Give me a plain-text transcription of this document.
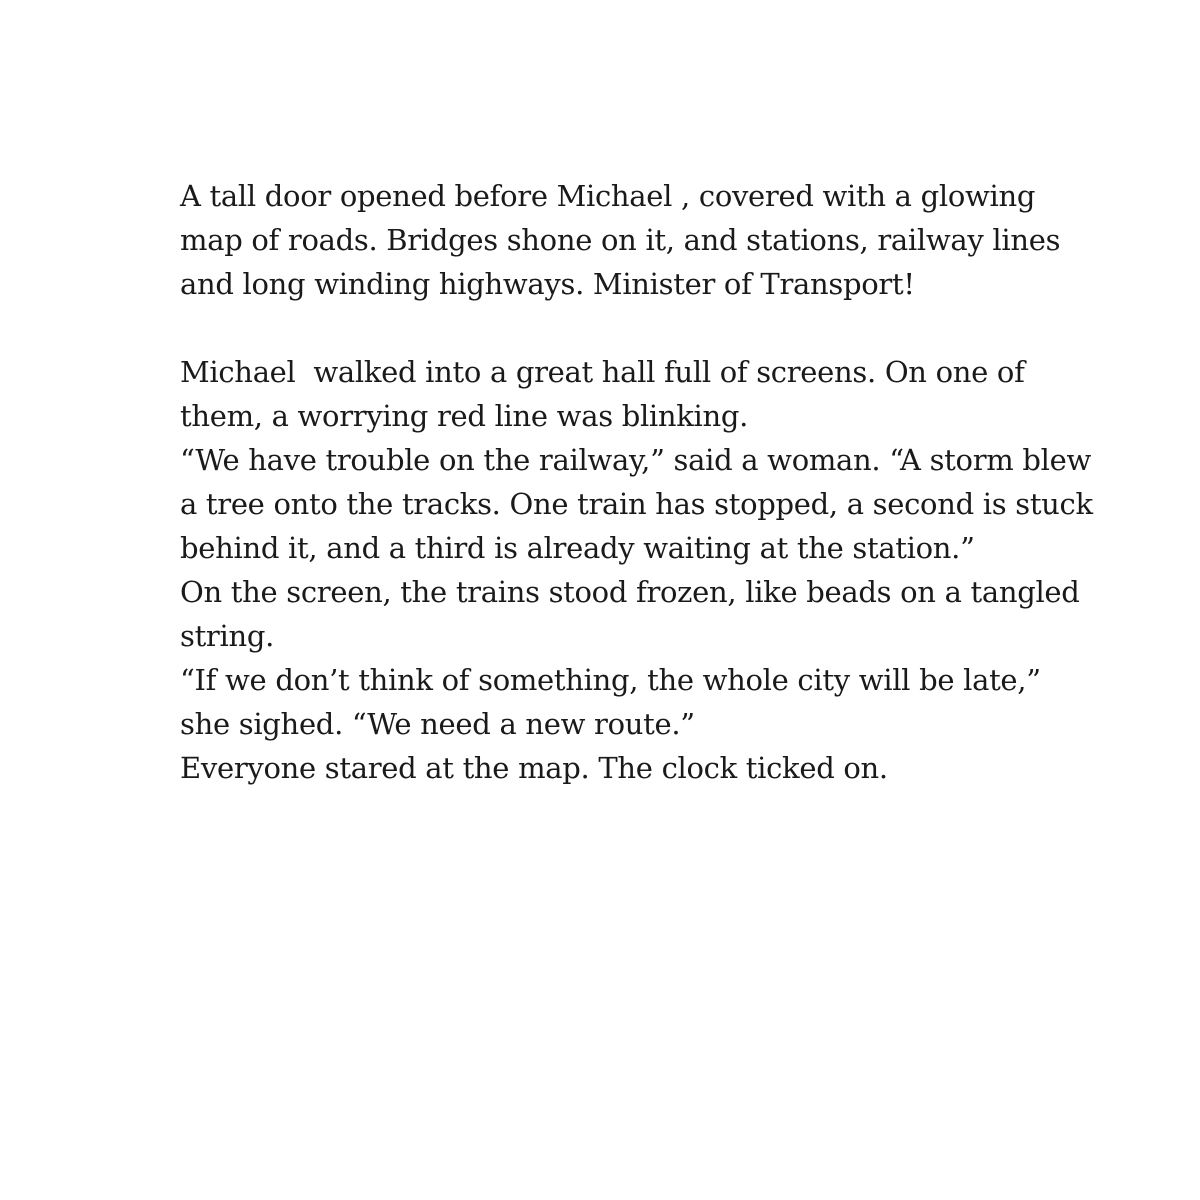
A tall door opened before Michael , covered with a glowing
map of roads. Bridges shone on it, and stations, railway lines
and long winding highways. Minister of Transport!
Michael  walked into a great hall full of screens. On one of
them, a worrying red line was blinking.
“We have trouble on the railway,” said a woman. “A storm blew
a tree onto the tracks. One train has stopped, a second is stuck
behind it, and a third is already waiting at the station.”
On the screen, the trains stood frozen, like beads on a tangled
string.
“If we don’t think of something, the whole city will be late,”
she sighed. “We need a new route.”
Everyone stared at the map. The clock ticked on.
